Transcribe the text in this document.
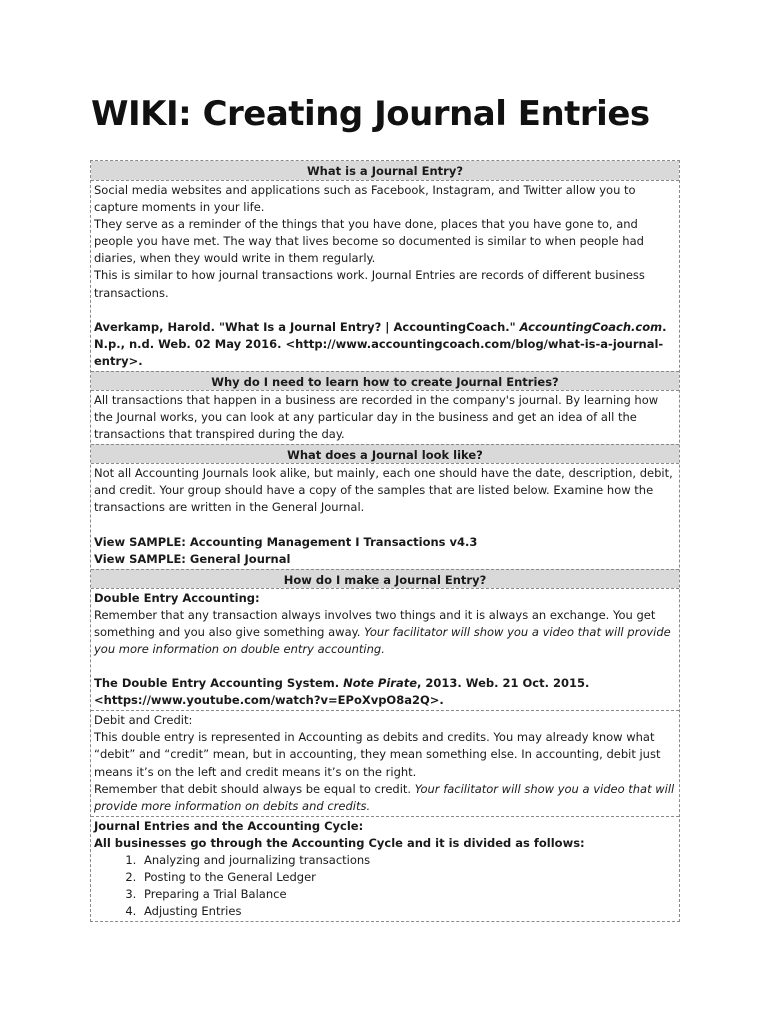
WIKI: Creating Journal Entries
What is a Journal Entry?

Social media websites and applications such as Facebook, Instagram, and Twitter allow you to capture moments in your life.

They serve as a reminder of the things that you have done, places that you have gone to, and people you have met. The way that lives become so documented is similar to when people had diaries, when they would write in them regularly.

This is similar to how journal transactions work. Journal Entries are records of different business transactions.

Averkamp, Harold. "What Is a Journal Entry? | AccountingCoach." AccountingCoach.com. N.p., n.d. Web. 02 May 2016. <http://www.accountingcoach.com/blog/what-is-a-journal-entry>.

Why do I need to learn how to create Journal Entries?

All transactions that happen in a business are recorded in the company's journal. By learning how the Journal works, you can look at any particular day in the business and get an idea of all the transactions that transpired during the day.

What does a Journal look like?

Not all Accounting Journals look alike, but mainly, each one should have the date, description, debit, and credit. Your group should have a copy of the samples that are listed below. Examine how the transactions are written in the General Journal.

View SAMPLE: Accounting Management I Transactions v4.3

View SAMPLE: General Journal

How do I make a Journal Entry?

Double Entry Accounting:

Remember that any transaction always involves two things and it is always an exchange. You get something and you also give something away. Your facilitator will show you a video that will provide you more information on double entry accounting.

The Double Entry Accounting System. Note Pirate, 2013. Web. 21 Oct. 2015. <https://www.youtube.com/watch?v=EPoXvpO8a2Q>.

Debit and Credit:

This double entry is represented in Accounting as debits and credits. You may already know what “debit” and “credit” mean, but in accounting, they mean something else. In accounting, debit just means it’s on the left and credit means it’s on the right.

Remember that debit should always be equal to credit. Your facilitator will show you a video that will provide more information on debits and credits.

Journal Entries and the Accounting Cycle:

All businesses go through the Accounting Cycle and it is divided as follows:

1. Analyzing and journalizing transactions
2. Posting to the General Ledger
3. Preparing a Trial Balance
4. Adjusting Entries
